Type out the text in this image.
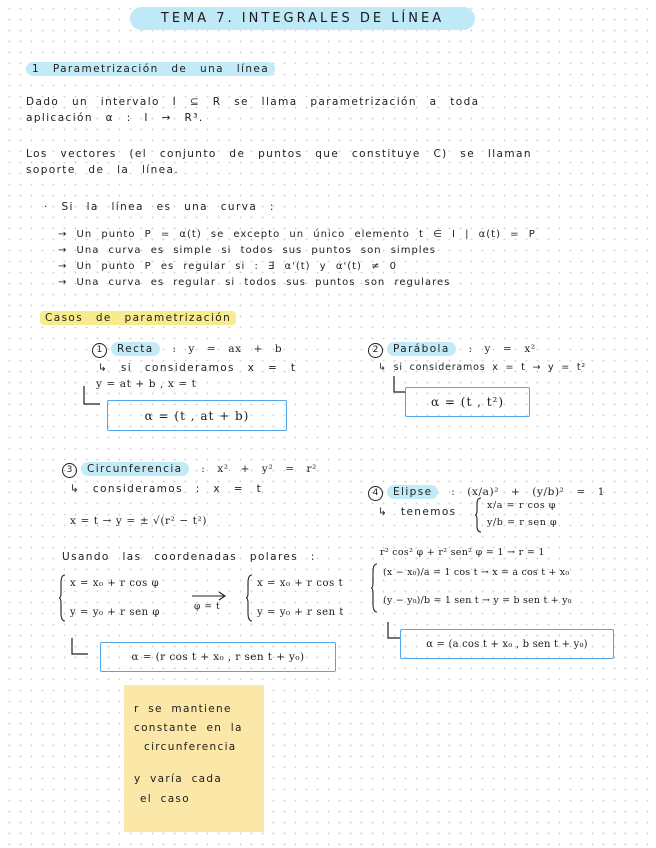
TEMA 7. INTEGRALES DE LÍNEA

1 Parametrización de una línea

Dado un intervalo I ⊆ R se llama parametrización a toda

aplicación α : I → R³.

Los vectores (el conjunto de puntos que constituye C) se llaman

soporte de la línea.

· Si la línea es una curva :

→ Un punto P = α(t) se excepto un único elemento t ∈ I | α(t) = P

→ Una curva es simple si todos sus puntos son simples

→ Un punto P es regular si : ∃ α'(t) y α'(t) ≠ 0

→ Una curva es regular si todos sus puntos son regulares

Casos de parametrización

1 Recta : y = ax + b

↳ si consideramos x = t

y = at + b , x = t

α = (t , at + b)

2 Parábola : y = x²

↳ si consideramos x = t → y = t²

α = (t , t²)

3 Circunferencia : x² + y² = r²

↳ consideramos : x = t

x = t → y = ± √(r² − t²)

Usando las coordenadas polares :

x = x₀ + r cos φ

y = y₀ + r sen φ	φ = t

x = x₀ + r cos t

y = y₀ + r sen t

α = (r cos t + x₀ , r sen t + y₀)

4 Elipse : (x/a)² + (y/b)² = 1

↳ tenemos

x/a = r cos φ

y/b = r sen φ

r² cos² φ + r² sen² φ = 1 → r = 1

(x − x₀)/a = 1 cos t → x = a cos t + x₀

(y − y₀)/b = 1 sen t → y = b sen t + y₀

α = (a cos t + x₀ , b sen t + y₀)

r se mantiene

constante en la

circunferencia

y varía cada

el caso
